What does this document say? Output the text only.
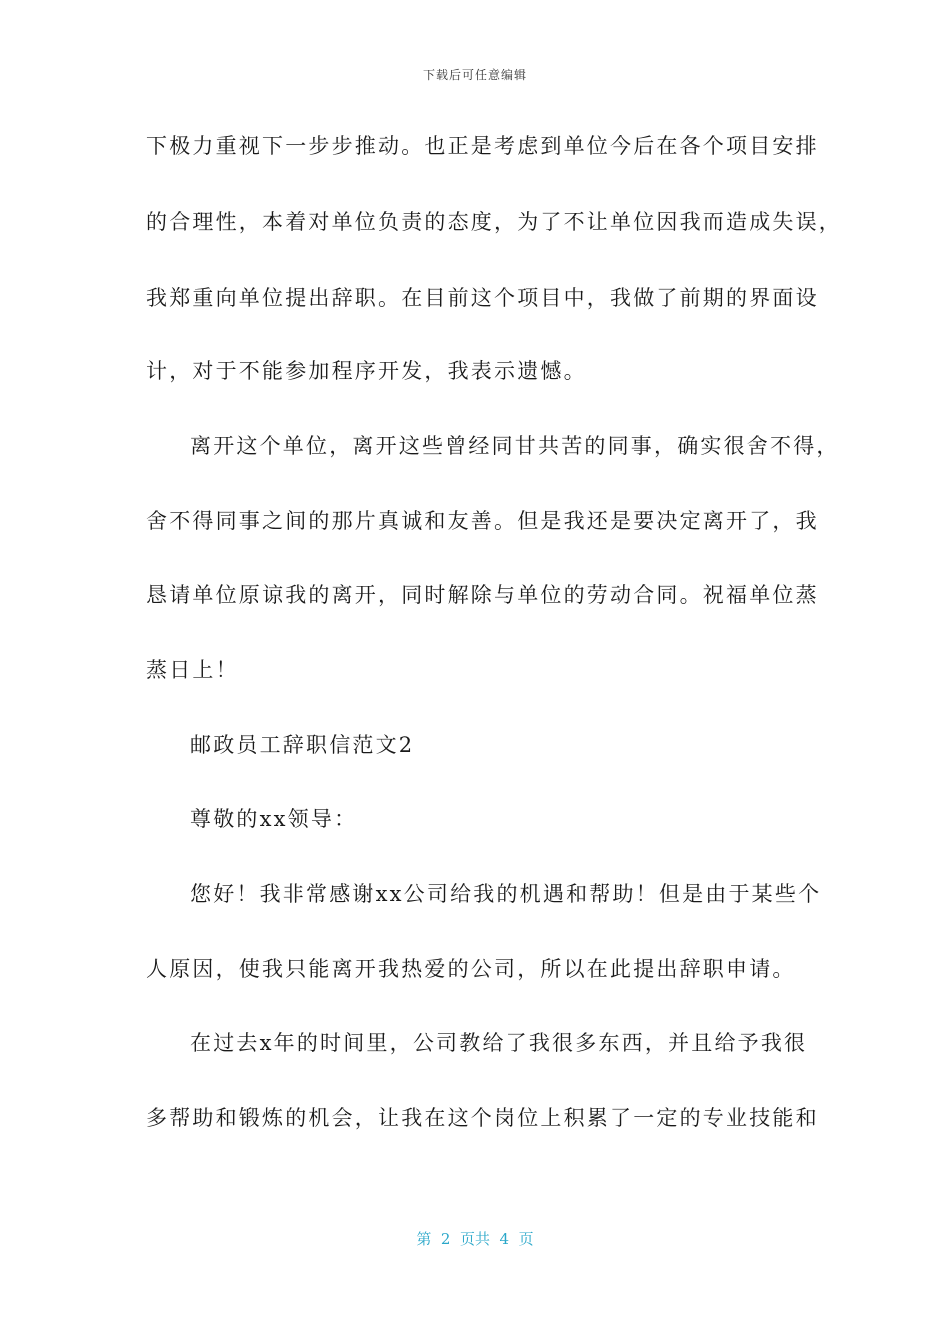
下载后可任意编辑
下极力重视下一步步推动。也正是考虑到单位今后在各个项目安排
的合理性，本着对单位负责的态度，为了不让单位因我而造成失误，
我郑重向单位提出辞职。在目前这个项目中，我做了前期的界面设
计，对于不能参加程序开发，我表示遗憾。
离开这个单位，离开这些曾经同甘共苦的同事，确实很舍不得，
舍不得同事之间的那片真诚和友善。但是我还是要决定离开了，我
恳请单位原谅我的离开，同时解除与单位的劳动合同。祝福单位蒸
蒸日上！
邮政员工辞职信范文2
尊敬的xx领导：
您好！我非常感谢xx公司给我的机遇和帮助！但是由于某些个
人原因，使我只能离开我热爱的公司，所以在此提出辞职申请。
在过去x年的时间里，公司教给了我很多东西，并且给予我很
多帮助和锻炼的机会，让我在这个岗位上积累了一定的专业技能和
第  2  页共  4  页
